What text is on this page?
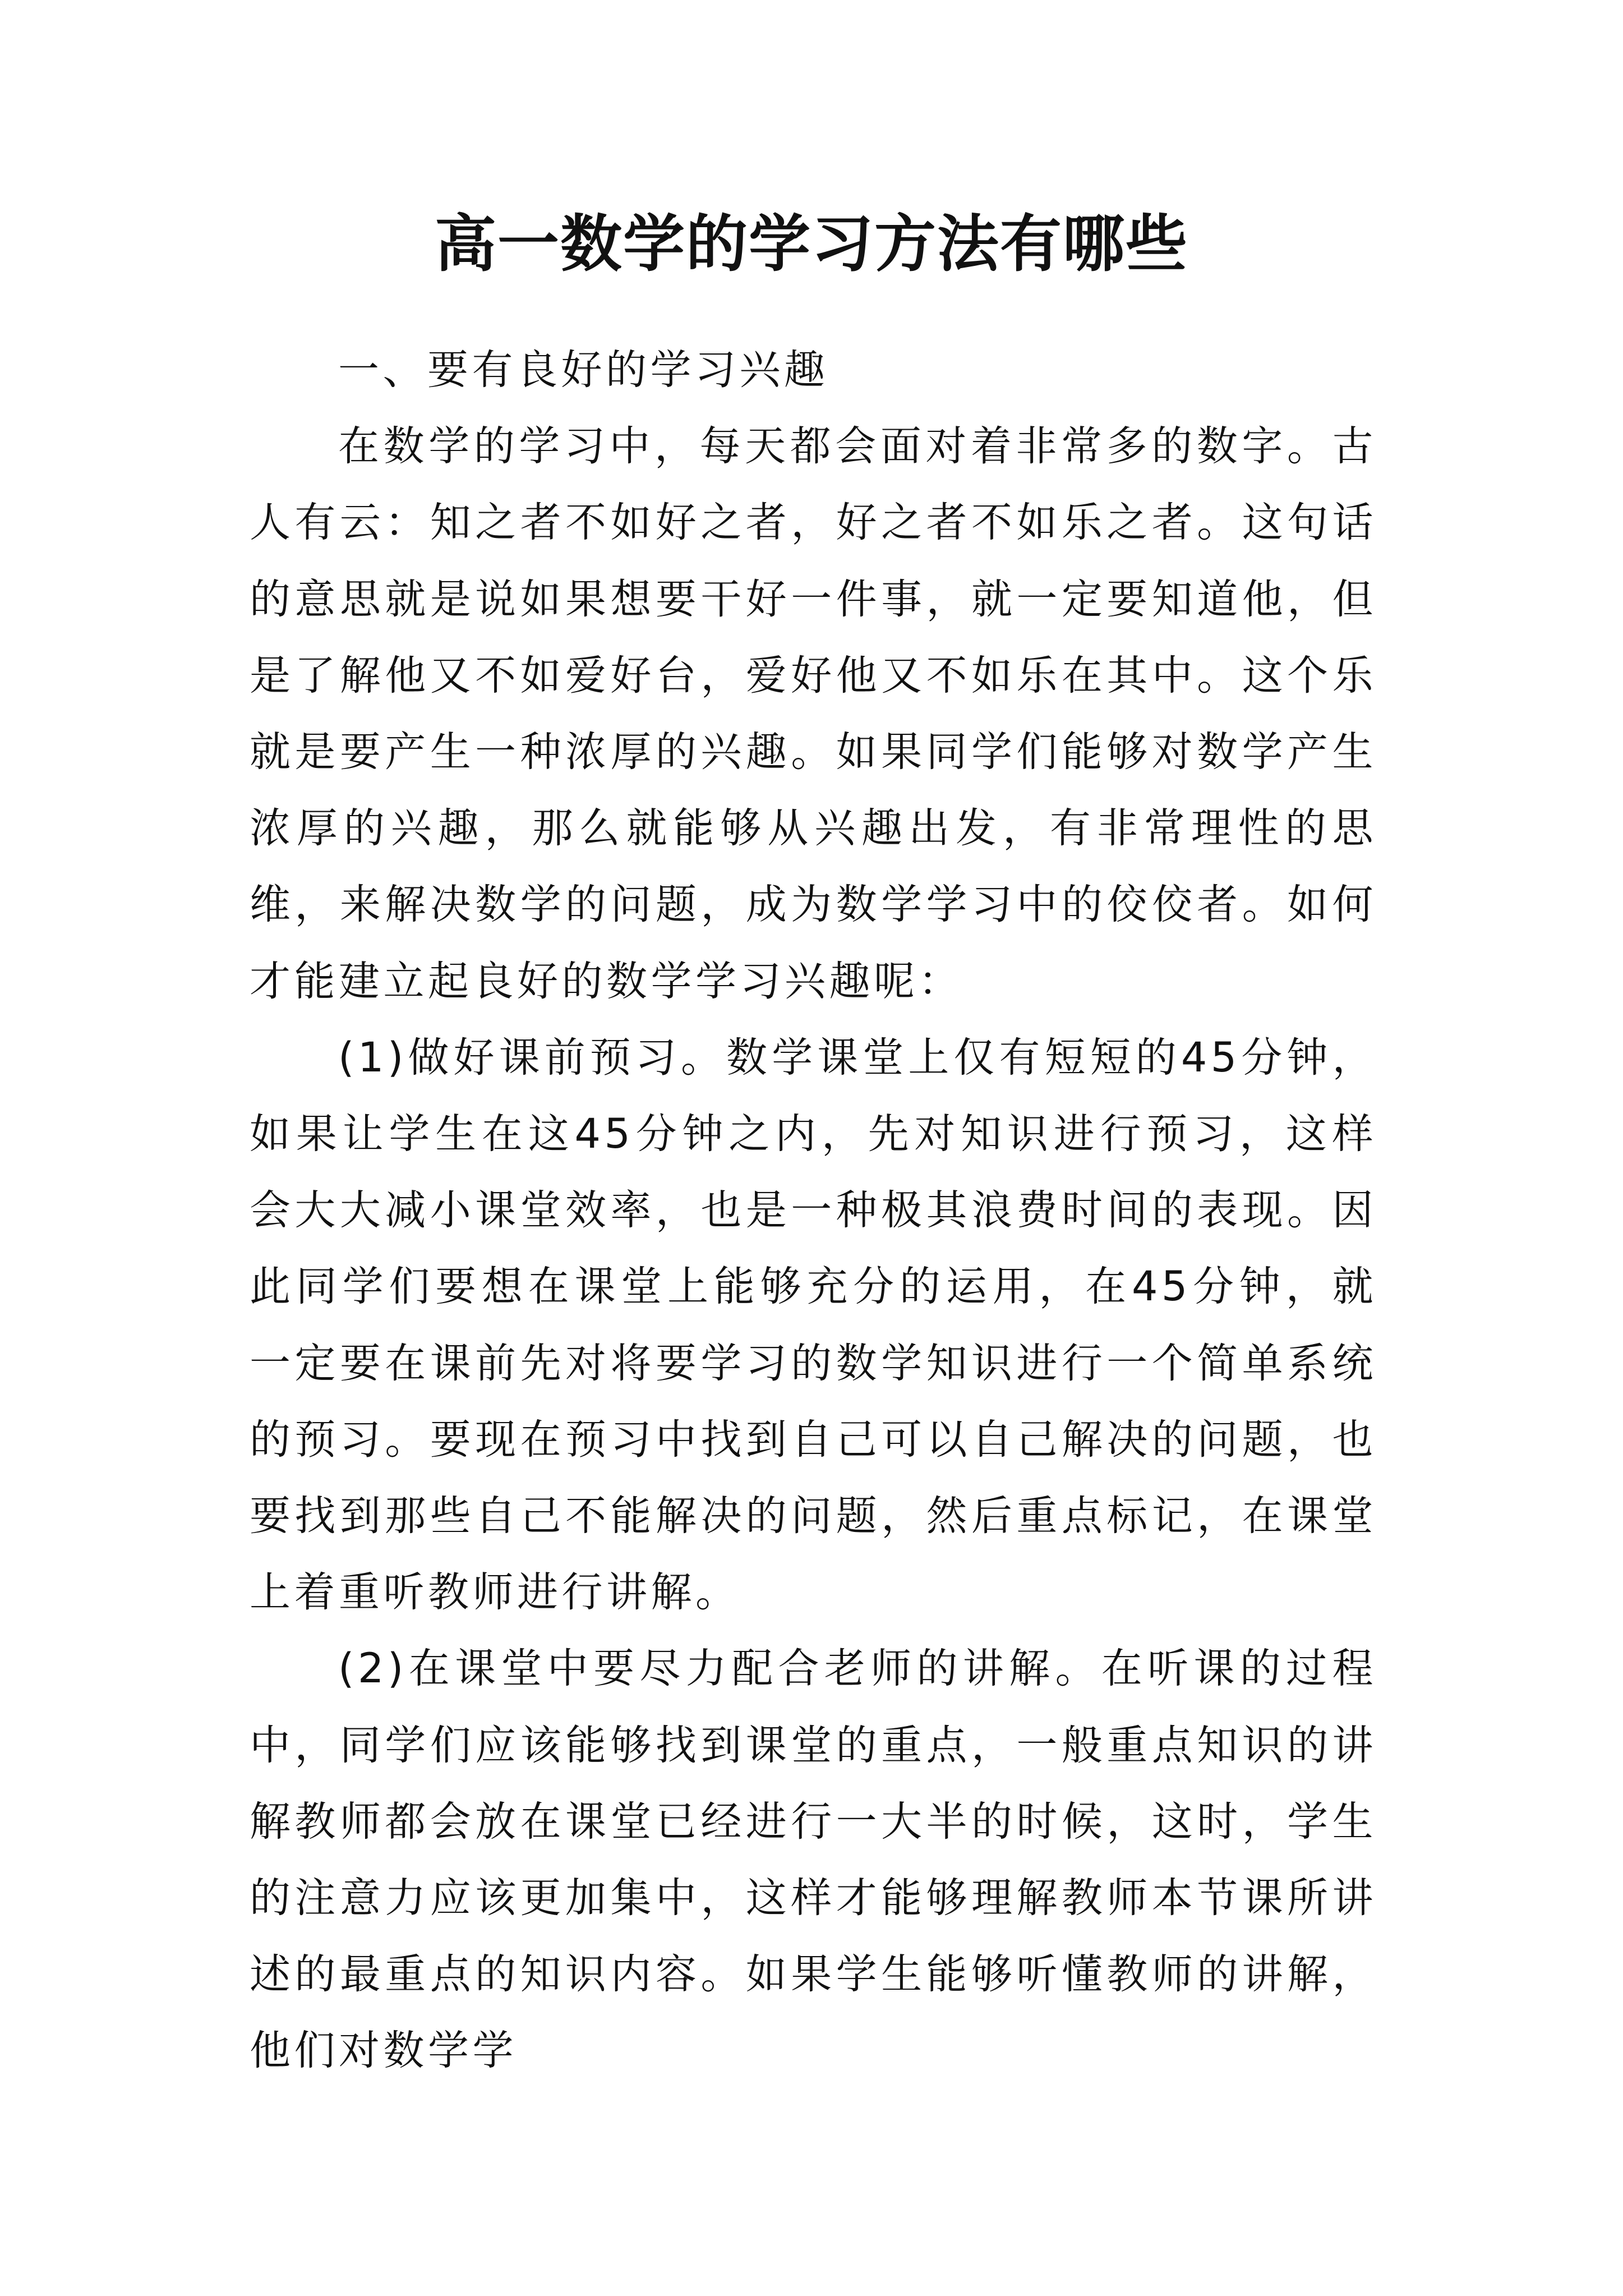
高一数学的学习方法有哪些

一、要有良好的学习兴趣

在数学的学习中，每天都会面对着非常多的数字。古人有云：知之者不如好之者，好之者不如乐之者。这句话的意思就是说如果想要干好一件事，就一定要知道他，但是了解他又不如爱好台，爱好他又不如乐在其中。这个乐就是要产生一种浓厚的兴趣。如果同学们能够对数学产生浓厚的兴趣，那么就能够从兴趣出发，有非常理性的思维，来解决数学的问题，成为数学学习中的佼佼者。如何才能建立起良好的数学学习兴趣呢：

(1)做好课前预习。数学课堂上仅有短短的45分钟，如果让学生在这45分钟之内，先对知识进行预习，这样会大大减小课堂效率，也是一种极其浪费时间的表现。因此同学们要想在课堂上能够充分的运用，在45分钟，就一定要在课前先对将要学习的数学知识进行一个简单系统的预习。要现在预习中找到自己可以自己解决的问题，也要找到那些自己不能解决的问题，然后重点标记，在课堂上着重听教师进行讲解。

(2)在课堂中要尽力配合老师的讲解。在听课的过程中，同学们应该能够找到课堂的重点，一般重点知识的讲解教师都会放在课堂已经进行一大半的时候，这时，学生的注意力应该更加集中，这样才能够理解教师本节课所讲述的最重点的知识内容。如果学生能够听懂教师的讲解，他们对数学学
